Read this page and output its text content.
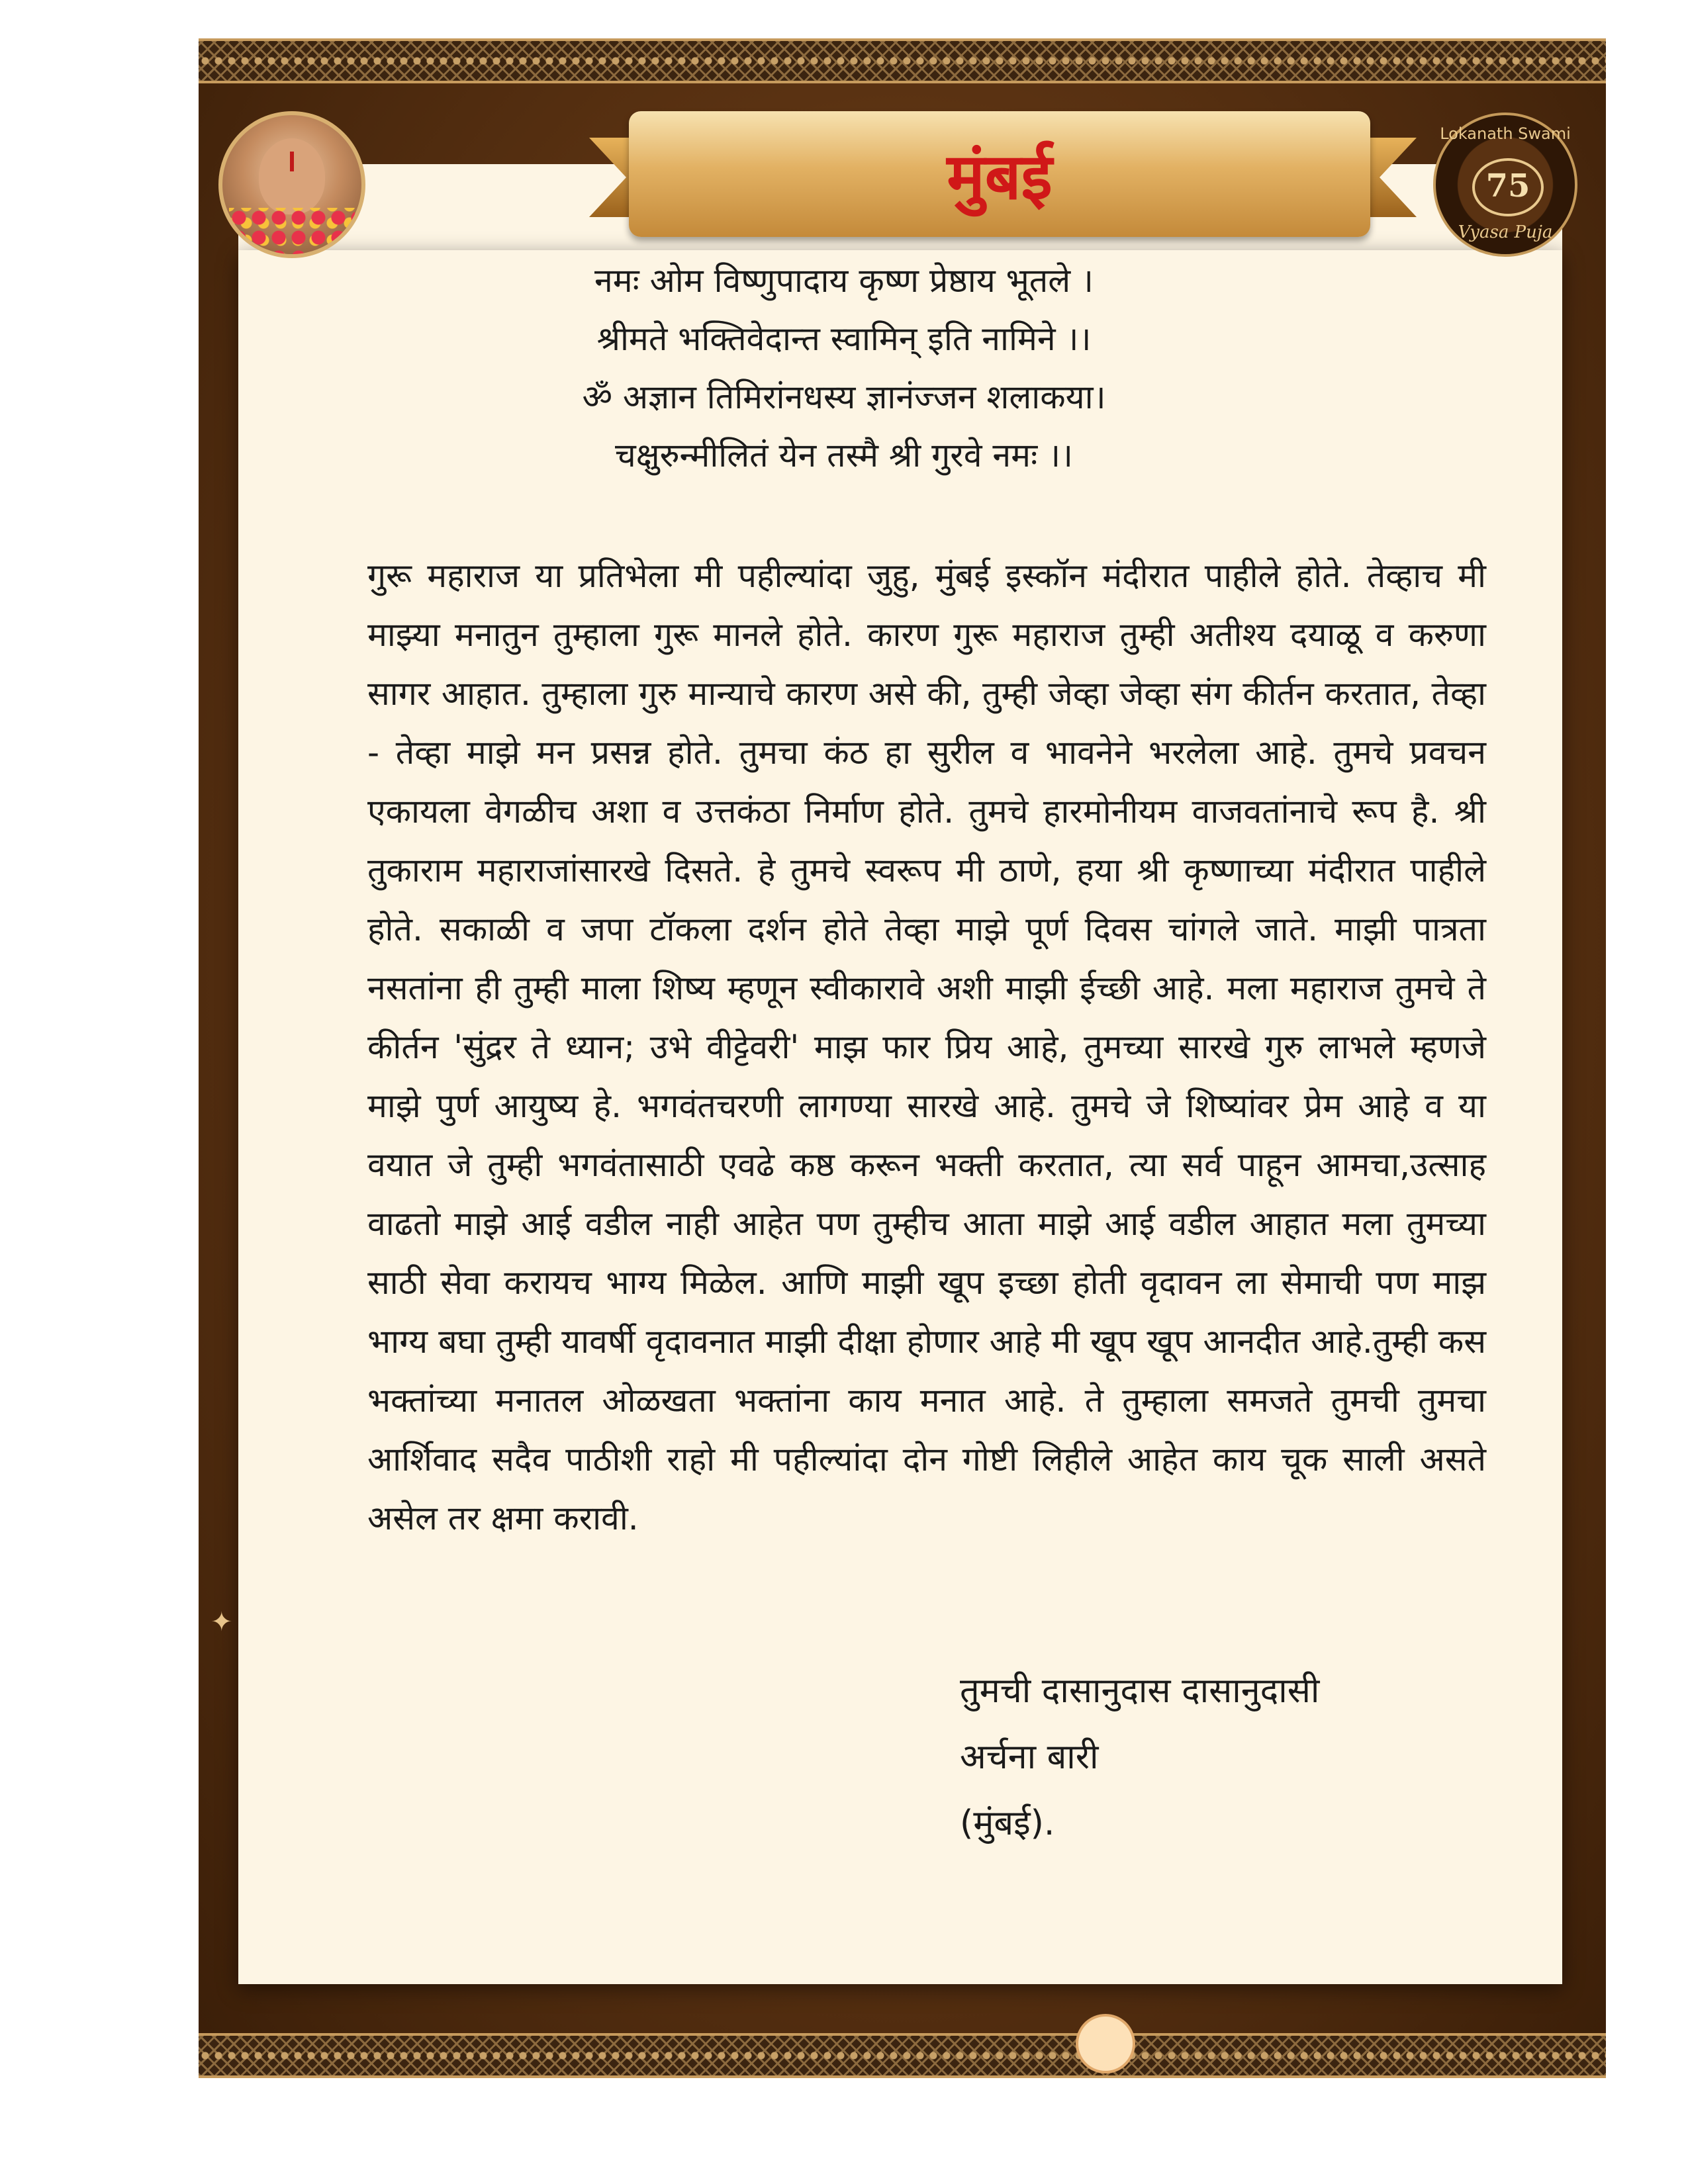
मुंबई
Lokanath Swami
75
Vyasa Puja
नमः ओम विष्णुपादाय कृष्ण प्रेष्ठाय भूतले ।
श्रीमते भक्तिवेदान्त स्वामिन् इति नामिने ।।
ॐ अज्ञान तिमिरांनधस्य ज्ञानंज्जन शलाकया।
चक्षुरुन्मीलितं येन तस्मै श्री गुरवे नमः ।।
गुरू महाराज या प्रतिभेला मी पहील्यांदा जुहु, मुंबई इस्कॉन मंदीरात पाहीले होते. तेव्हाच मी माझ्या मनातुन तुम्हाला गुरू मानले होते. कारण गुरू महाराज तुम्ही अतीश्य दयाळू व करुणा सागर आहात. तुम्हाला गुरु मान्याचे कारण असे की, तुम्ही जेव्हा जेव्हा संग कीर्तन करतात, तेव्हा - तेव्हा माझे मन प्रसन्न होते. तुमचा कंठ हा सुरील व भावनेने भरलेला आहे. तुमचे प्रवचन एकायला वेगळीच अशा व उत्तकंठा निर्माण होते. तुमचे हारमोनीयम वाजवतांनाचे रूप है. श्री तुकाराम महाराजांसारखे दिसते. हे तुमचे स्वरूप मी ठाणे, हया श्री कृष्णाच्या मंदीरात पाहीले होते. सकाळी व जपा टॉकला दर्शन होते तेव्हा माझे पूर्ण दिवस चांगले जाते. माझी पात्रता नसतांना ही तुम्ही माला शिष्य म्हणून स्वीकारावे अशी माझी ईच्छी आहे. मला महाराज तुमचे ते कीर्तन 'सुंद्रर ते ध्यान; उभे वीट्टेवरी' माझ फार प्रिय आहे, तुमच्या सारखे गुरु लाभले म्हणजे माझे पुर्ण आयुष्य हे. भगवंतचरणी लागण्या सारखे आहे. तुमचे जे शिष्यांवर प्रेम आहे व या वयात जे तुम्ही भगवंतासाठी एवढे कष्ठ करून भक्ती करतात, त्या सर्व पाहून आमचा,उत्साह वाढतो माझे आई वडील नाही आहेत पण तुम्हीच आता माझे आई वडील आहात मला तुमच्या साठी सेवा करायच भाग्य मिळेल. आणि माझी खूप इच्छा होती वृदावन ला सेमाची पण माझ भाग्य बघा तुम्ही यावर्षी वृदावनात माझी दीक्षा होणार आहे मी खूप खूप आनदीत आहे.तुम्ही कस भक्तांच्या मनातल ओळखता भक्तांना काय मनात आहे. ते तुम्हाला समजते तुमची तुमचा आर्शिवाद सदैव पाठीशी राहो मी पहील्यांदा दोन गोष्टी लिहीले आहेत काय चूक साली असते असेल तर क्षमा करावी.
तुमची दासानुदास दासानुदासी
अर्चना बारी
(मुंबई).
✦
